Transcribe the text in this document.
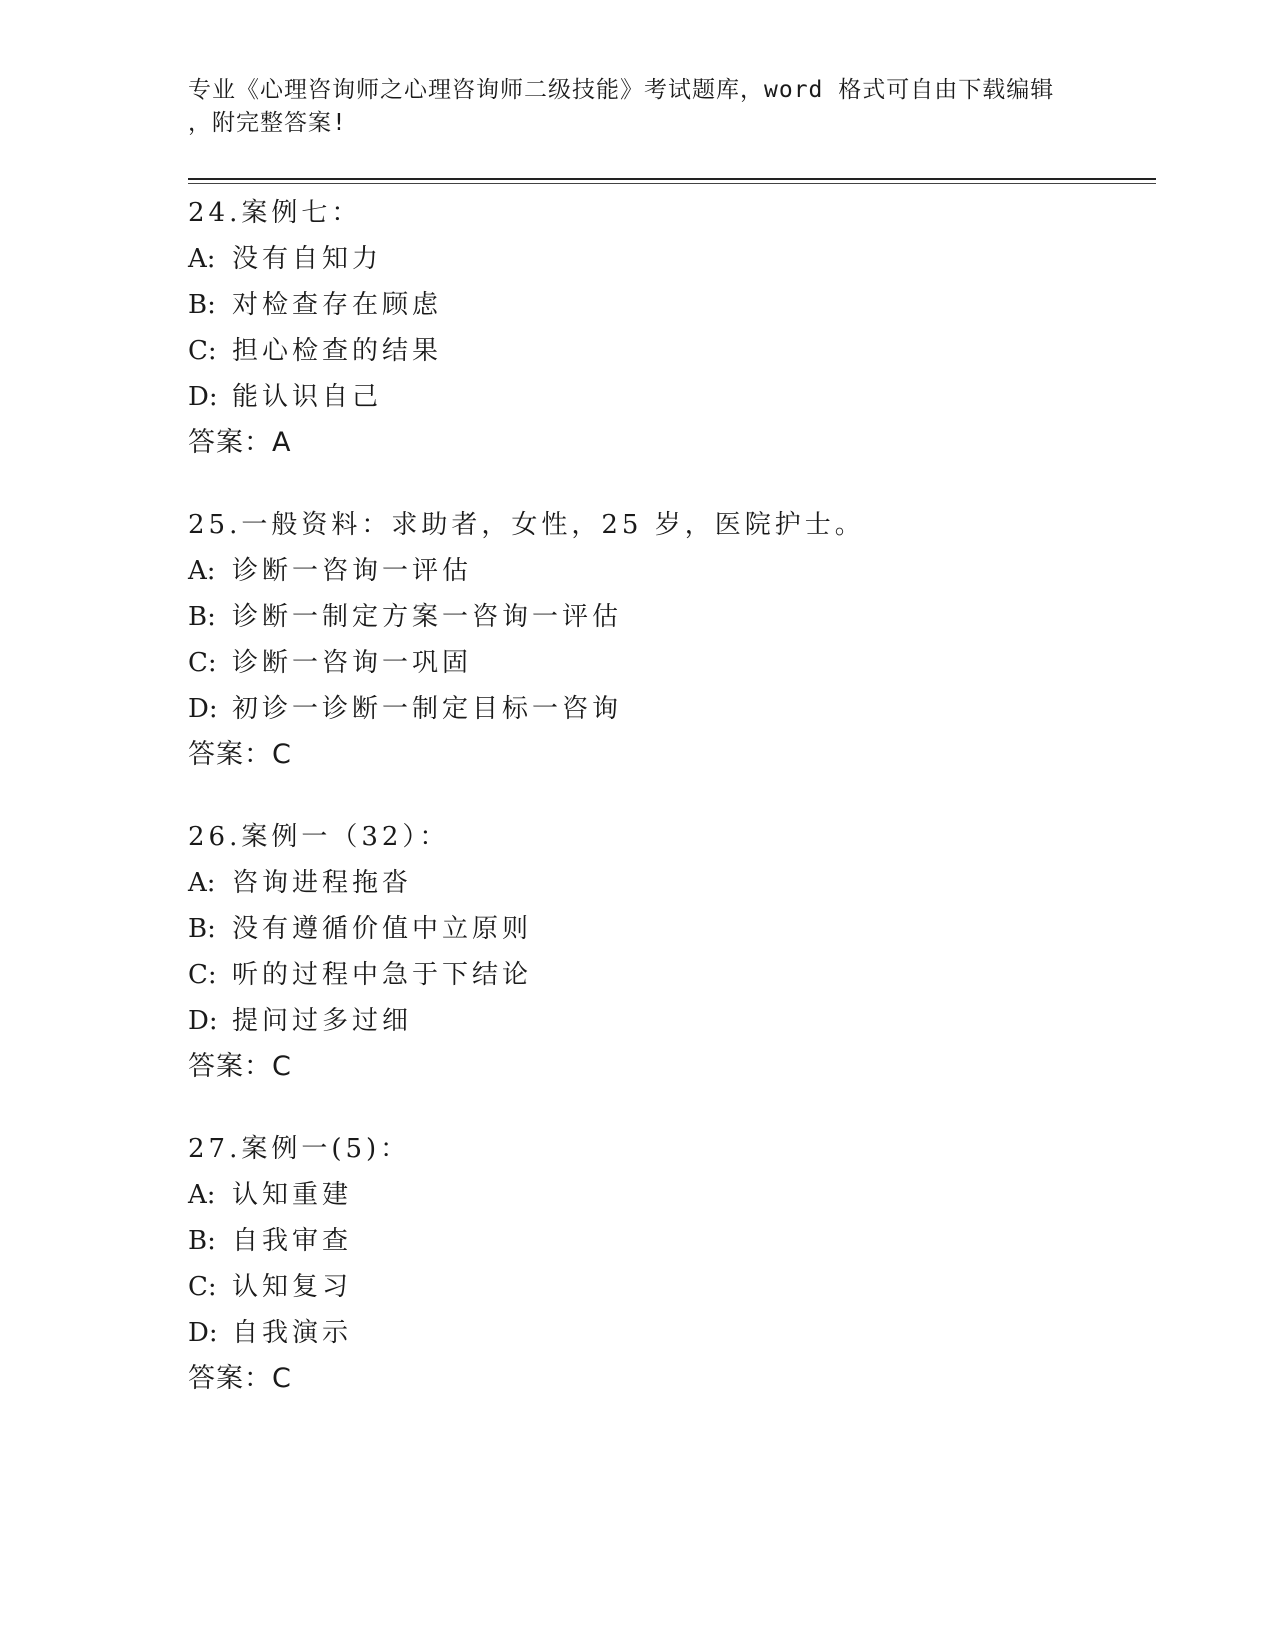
专业《心理咨询师之心理咨询师二级技能》考试题库，word 格式可自由下载编辑
，附完整答案!
24.案例七：
A: 没有自知力
B: 对检查存在顾虑
C: 担心检查的结果
D: 能认识自己
答案：A
25.一般资料：求助者，女性，25 岁，医院护士。
A: 诊断一咨询一评估
B: 诊断一制定方案一咨询一评估
C: 诊断一咨询一巩固
D: 初诊一诊断一制定目标一咨询
答案：C
26.案例一（32）：
A: 咨询进程拖沓
B: 没有遵循价值中立原则
C: 听的过程中急于下结论
D: 提问过多过细
答案：C
27.案例一(5)：
A: 认知重建
B: 自我审查
C: 认知复习
D: 自我演示
答案：C
